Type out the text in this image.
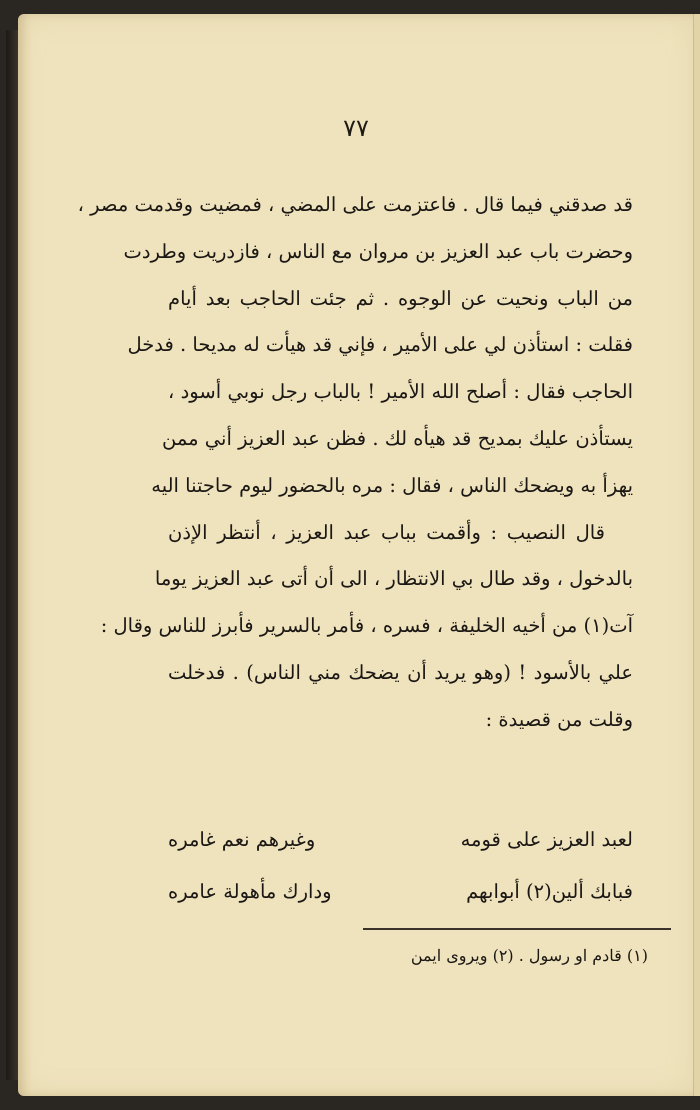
٧٧
قد صدقني فيما قال . فاعتزمت على المضي ، فمضيت وقدمت مصر ،
وحضرت باب عبد العزيز بن مروان مع الناس ، فازدريت وطردت
من الباب ونحيت عن الوجوه . ثم جئت الحاجب بعد أيام
فقلت : استأذن لي على الأمير ، فإني قد هيأت له مديحا . فدخل
الحاجب فقال : أصلح الله الأمير ! بالباب رجل نوبي أسود ،
يستأذن عليك بمديح قد هيأه لك . فظن عبد العزيز أني ممن
يهزأ به ويضحك الناس ، فقال : مره بالحضور ليوم حاجتنا اليه
قال النصيب : وأقمت بباب عبد العزيز ، أنتظر الإذن
بالدخول ، وقد طال بي الانتظار ، الى أن أتى عبد العزيز يوما
آت(١) من أخيه الخليفة ، فسره ، فأمر بالسرير فأبرز للناس وقال :
علي بالأسود ! (وهو يريد أن يضحك مني الناس) . فدخلت
وقلت من قصيدة :
لعبد العزيز على قومه
وغيرهم نعم غامره
فبابك ألين(٢) أبوابهم
ودارك مأهولة عامره
(١) قادم او رسول . (٢) ويروى ايمن
